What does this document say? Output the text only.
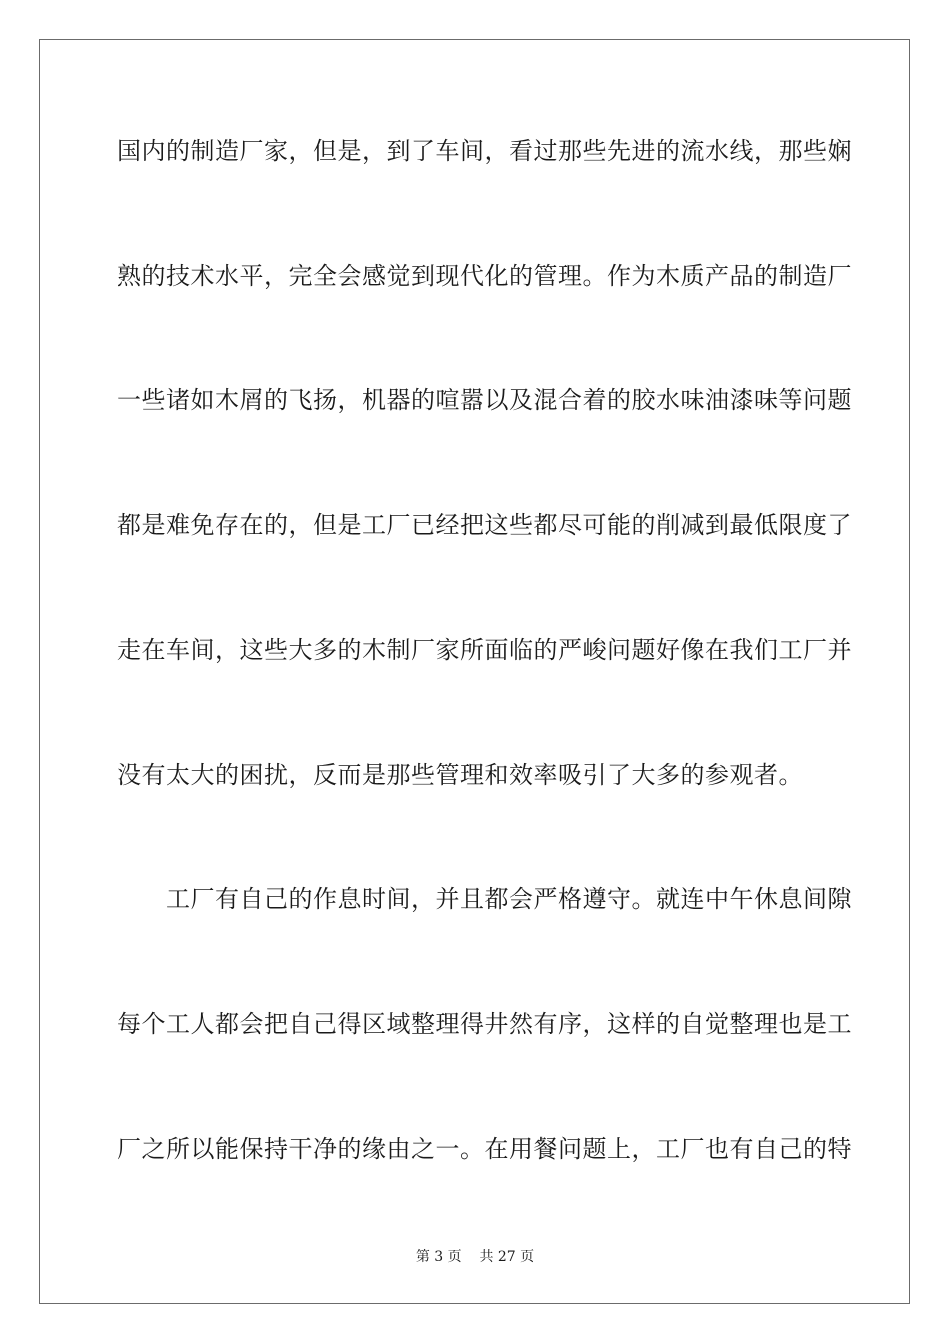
国内的制造厂家，但是，到了车间，看过那些先进的流水线，那些娴
熟的技术水平，完全会感觉到现代化的管理。作为木质产品的制造厂
一些诸如木屑的飞扬，机器的喧嚣以及混合着的胶水味油漆味等问题
都是难免存在的，但是工厂已经把这些都尽可能的削减到最低限度了
走在车间，这些大多的木制厂家所面临的严峻问题好像在我们工厂并
没有太大的困扰，反而是那些管理和效率吸引了大多的参观者。
　　工厂有自己的作息时间，并且都会严格遵守。就连中午休息间隙
每个工人都会把自己得区域整理得井然有序，这样的自觉整理也是工
厂之所以能保持干净的缘由之一。在用餐问题上，工厂也有自己的特
第 3 页 共 27 页
